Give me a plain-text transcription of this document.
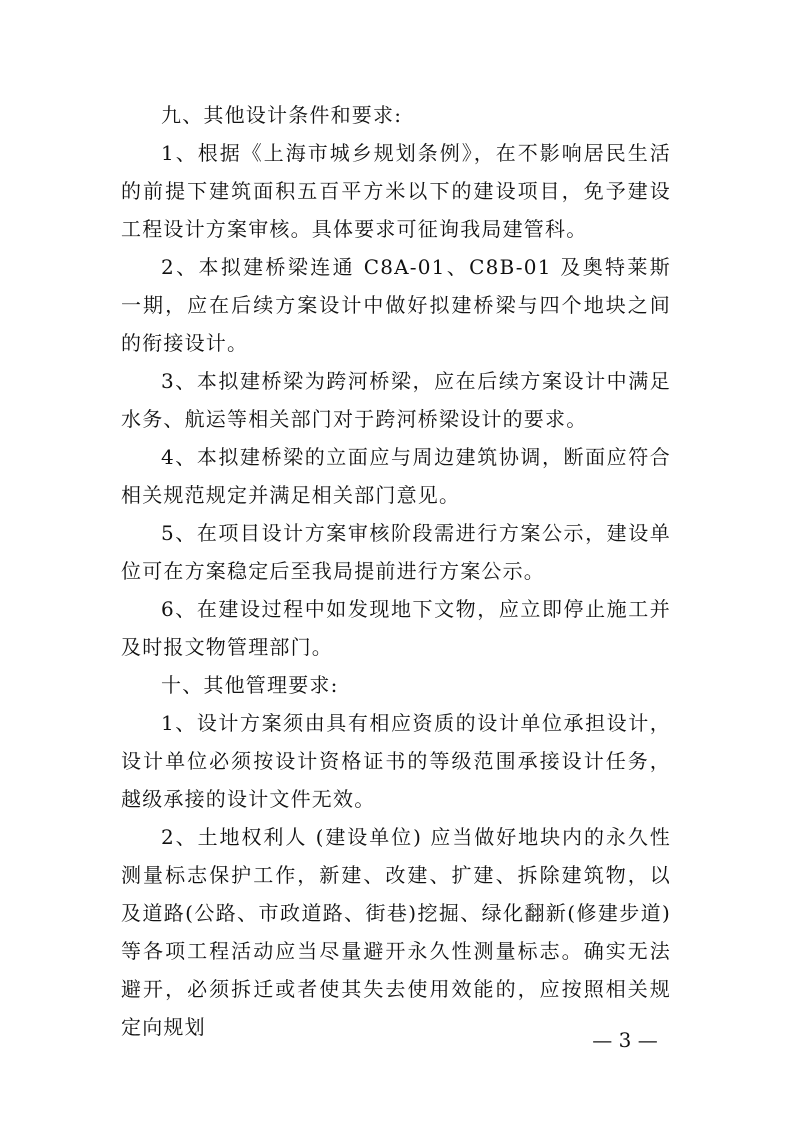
九、其他设计条件和要求:

1、根据《上海市城乡规划条例》，在不影响居民生活的前提下建筑面积五百平方米以下的建设项目，免予建设工程设计方案审核。具体要求可征询我局建管科。

2、本拟建桥梁连通 C8A-01、C8B-01 及奥特莱斯一期，应在后续方案设计中做好拟建桥梁与四个地块之间的衔接设计。

3、本拟建桥梁为跨河桥梁，应在后续方案设计中满足水务、航运等相关部门对于跨河桥梁设计的要求。

4、本拟建桥梁的立面应与周边建筑协调，断面应符合相关规范规定并满足相关部门意见。

5、在项目设计方案审核阶段需进行方案公示，建设单位可在方案稳定后至我局提前进行方案公示。

6、在建设过程中如发现地下文物，应立即停止施工并及时报文物管理部门。

十、其他管理要求:

1、设计方案须由具有相应资质的设计单位承担设计，设计单位必须按设计资格证书的等级范围承接设计任务，越级承接的设计文件无效。

2、土地权利人 (建设单位) 应当做好地块内的永久性测量标志保护工作，新建、改建、扩建、拆除建筑物，以及道路(公路、市政道路、街巷)挖掘、绿化翻新(修建步道)等各项工程活动应当尽量避开永久性测量标志。确实无法避开，必须拆迁或者使其失去使用效能的，应按照相关规定向规划

— 3 —
